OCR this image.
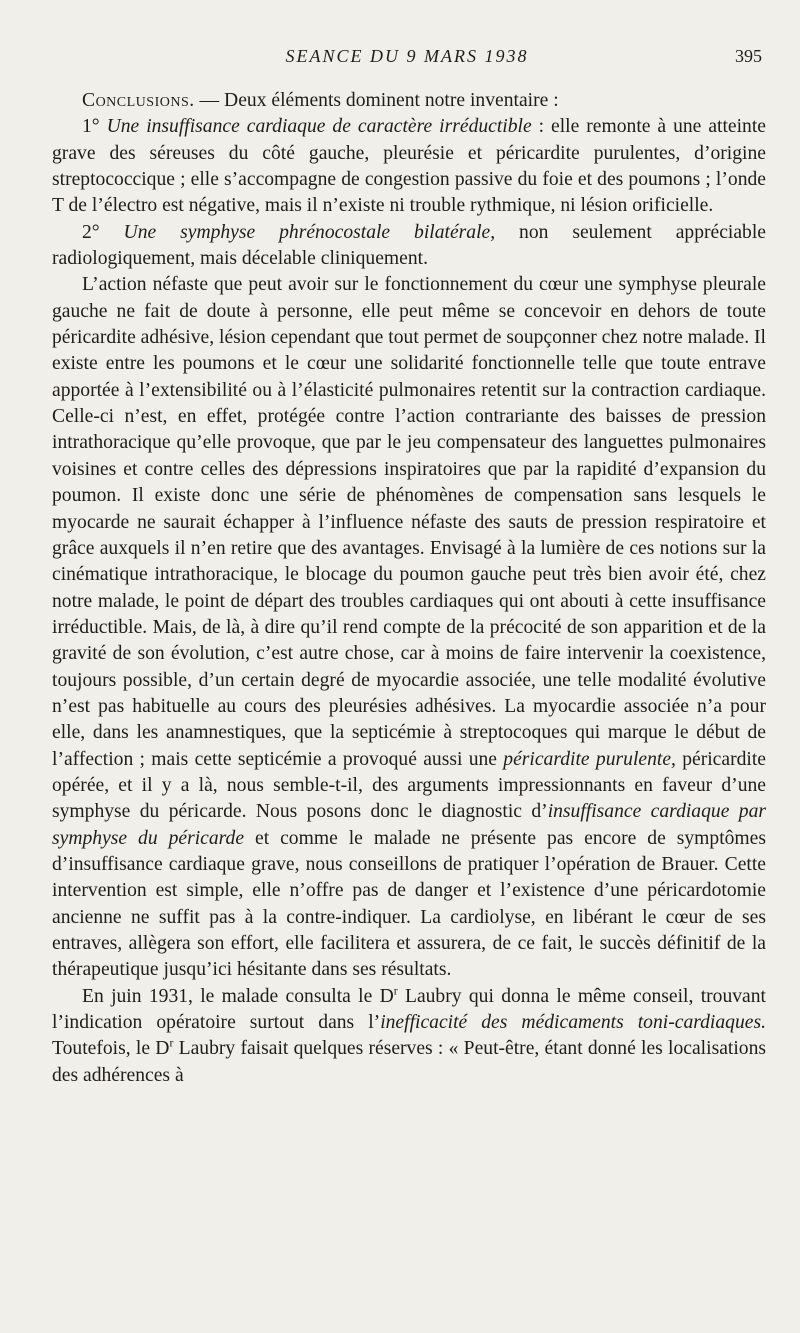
SEANCE DU 9 MARS 1938	395

Conclusions. — Deux éléments dominent notre inventaire :

1° Une insuffisance cardiaque de caractère irréductible : elle remonte à une atteinte grave des séreuses du côté gauche, pleurésie et péricardite purulentes, d’origine streptococcique ; elle s’accompagne de congestion passive du foie et des poumons ; l’onde T de l’électro est négative, mais il n’existe ni trouble rythmique, ni lésion orificielle.

2° Une symphyse phrénocostale bilatérale, non seulement appréciable radiologiquement, mais décelable cliniquement.

L’action néfaste que peut avoir sur le fonctionnement du cœur une symphyse pleurale gauche ne fait de doute à personne, elle peut même se concevoir en dehors de toute péricardite adhésive, lésion cependant que tout permet de soupçonner chez notre malade. Il existe entre les poumons et le cœur une solidarité fonctionnelle telle que toute entrave apportée à l’extensibilité ou à l’élasticité pulmonaires retentit sur la contraction cardiaque. Celle-ci n’est, en effet, protégée contre l’action contrariante des baisses de pression intrathoracique qu’elle provoque, que par le jeu compensateur des languettes pulmonaires voisines et contre celles des dépressions inspiratoires que par la rapidité d’expansion du poumon. Il existe donc une série de phénomènes de compensation sans lesquels le myocarde ne saurait échapper à l’influence néfaste des sauts de pression respiratoire et grâce auxquels il n’en retire que des avantages. Envisagé à la lumière de ces notions sur la cinématique intrathoracique, le blocage du poumon gauche peut très bien avoir été, chez notre malade, le point de départ des troubles cardiaques qui ont abouti à cette insuffisance irréductible. Mais, de là, à dire qu’il rend compte de la précocité de son apparition et de la gravité de son évolution, c’est autre chose, car à moins de faire intervenir la coexistence, toujours possible, d’un certain degré de myocardie associée, une telle modalité évolutive n’est pas habituelle au cours des pleurésies adhésives. La myocardie associée n’a pour elle, dans les anamnestiques, que la septicémie à streptocoques qui marque le début de l’affection ; mais cette septicémie a provoqué aussi une péricardite purulente, péricardite opérée, et il y a là, nous semble-t-il, des arguments impressionnants en faveur d’une symphyse du péricarde. Nous posons donc le diagnostic d’insuffisance cardiaque par symphyse du péricarde et comme le malade ne présente pas encore de symptômes d’insuffisance cardiaque grave, nous conseillons de pratiquer l’opération de Brauer. Cette intervention est simple, elle n’offre pas de danger et l’existence d’une péricardotomie ancienne ne suffit pas à la contre-indiquer. La cardiolyse, en libérant le cœur de ses entraves, allègera son effort, elle facilitera et assurera, de ce fait, le succès définitif de la thérapeutique jusqu’ici hésitante dans ses résultats.

En juin 1931, le malade consulta le $D^r$ Laubry qui donna le même conseil, trouvant l’indication opératoire surtout dans l’inefficacité des médicaments toni-cardiaques. Toutefois, le $D^r$ Laubry faisait quelques réserves : « Peut-être, étant donné les localisations des adhérences à
